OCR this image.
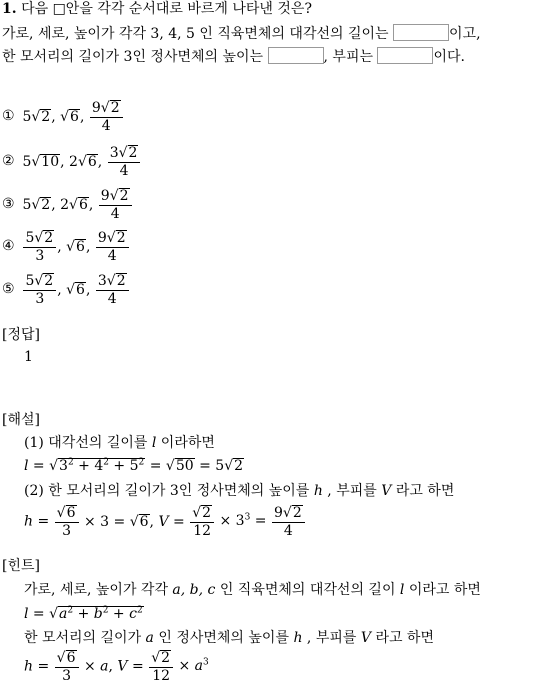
1. 다음 □안을 각각 순서대로 바르게 나타낸 것은?
가로, 세로, 높이가 각각 3, 4, 5 인 직육면체의 대각선의 길이는	이고,
한 모서리의 길이가 3인 정사면체의 높이는	, 부피는	이다.
① 5√2, √6, $\frac{9√2}{4}$
② 5√10, 2√6, $\frac{3√2}{4}$
③ 5√2, 2√6, $\frac{9√2}{4}$
④ $\frac{5√2}{3}$ , √6, $\frac{9√2}{4}$
⑤ $\frac{5√2}{3}$ , √6, $\frac{3√2}{4}$
[정답]
1
[해설]
(1) 대각선의 길이를 l 이라하면
$l = √3^2 + 4^2 + 5^2 = √50 = 5√2$
(2) 한 모서리의 길이가 3인 정사면체의 높이를 h , 부피를 V 라고 하면
$h = \frac{√6}{3} \times 3 = √6$, $V = \frac{√2}{12} \times 3^3 = \frac{9√2}{4}$
[힌트]
가로, 세로, 높이가 각각 a, b, c 인 직육면체의 대각선의 길이 l 이라고 하면
$l = √a^2 + b^2 + c^2$
한 모서리의 길이가 a 인 정사면체의 높이를 h , 부피를 V 라고 하면
$h = \frac{√6}{3} \times a$, $V = \frac{√2}{12} \times a^3$
